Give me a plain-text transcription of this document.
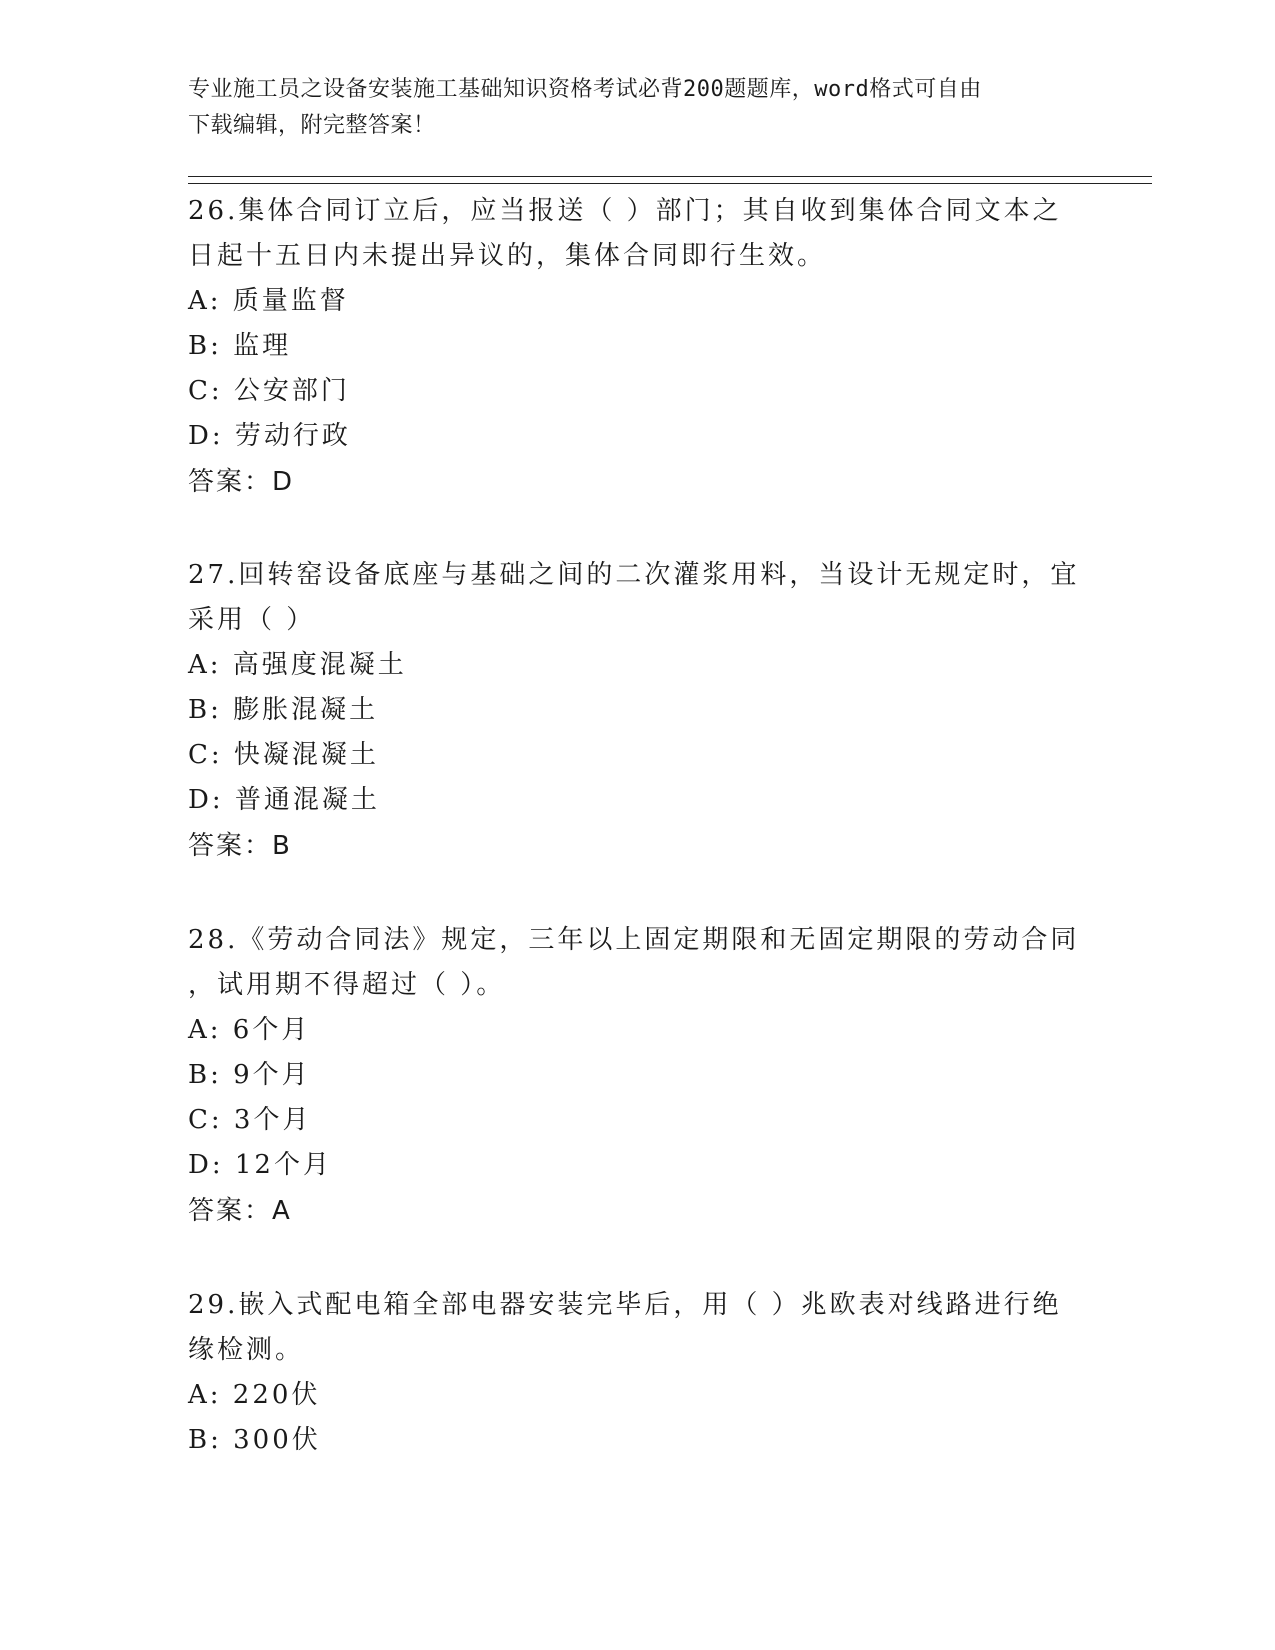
专业施工员之设备安装施工基础知识资格考试必背200题题库，word格式可自由
下载编辑，附完整答案！

26.集体合同订立后，应当报送（ ）部门；其自收到集体合同文本之

日起十五日内未提出异议的，集体合同即行生效。

A: 质量监督

B: 监理

C: 公安部门

D: 劳动行政

答案：D

27.回转窑设备底座与基础之间的二次灌浆用料，当设计无规定时，宜

采用（ ）

A: 高强度混凝土

B: 膨胀混凝土

C: 快凝混凝土

D: 普通混凝土

答案：B

28.《劳动合同法》规定，三年以上固定期限和无固定期限的劳动合同

，试用期不得超过（ ）。

A: 6个月

B: 9个月

C: 3个月

D: 12个月

答案：A

29.嵌入式配电箱全部电器安装完毕后，用（ ）兆欧表对线路进行绝

缘检测。

A: 220伏

B: 300伏
